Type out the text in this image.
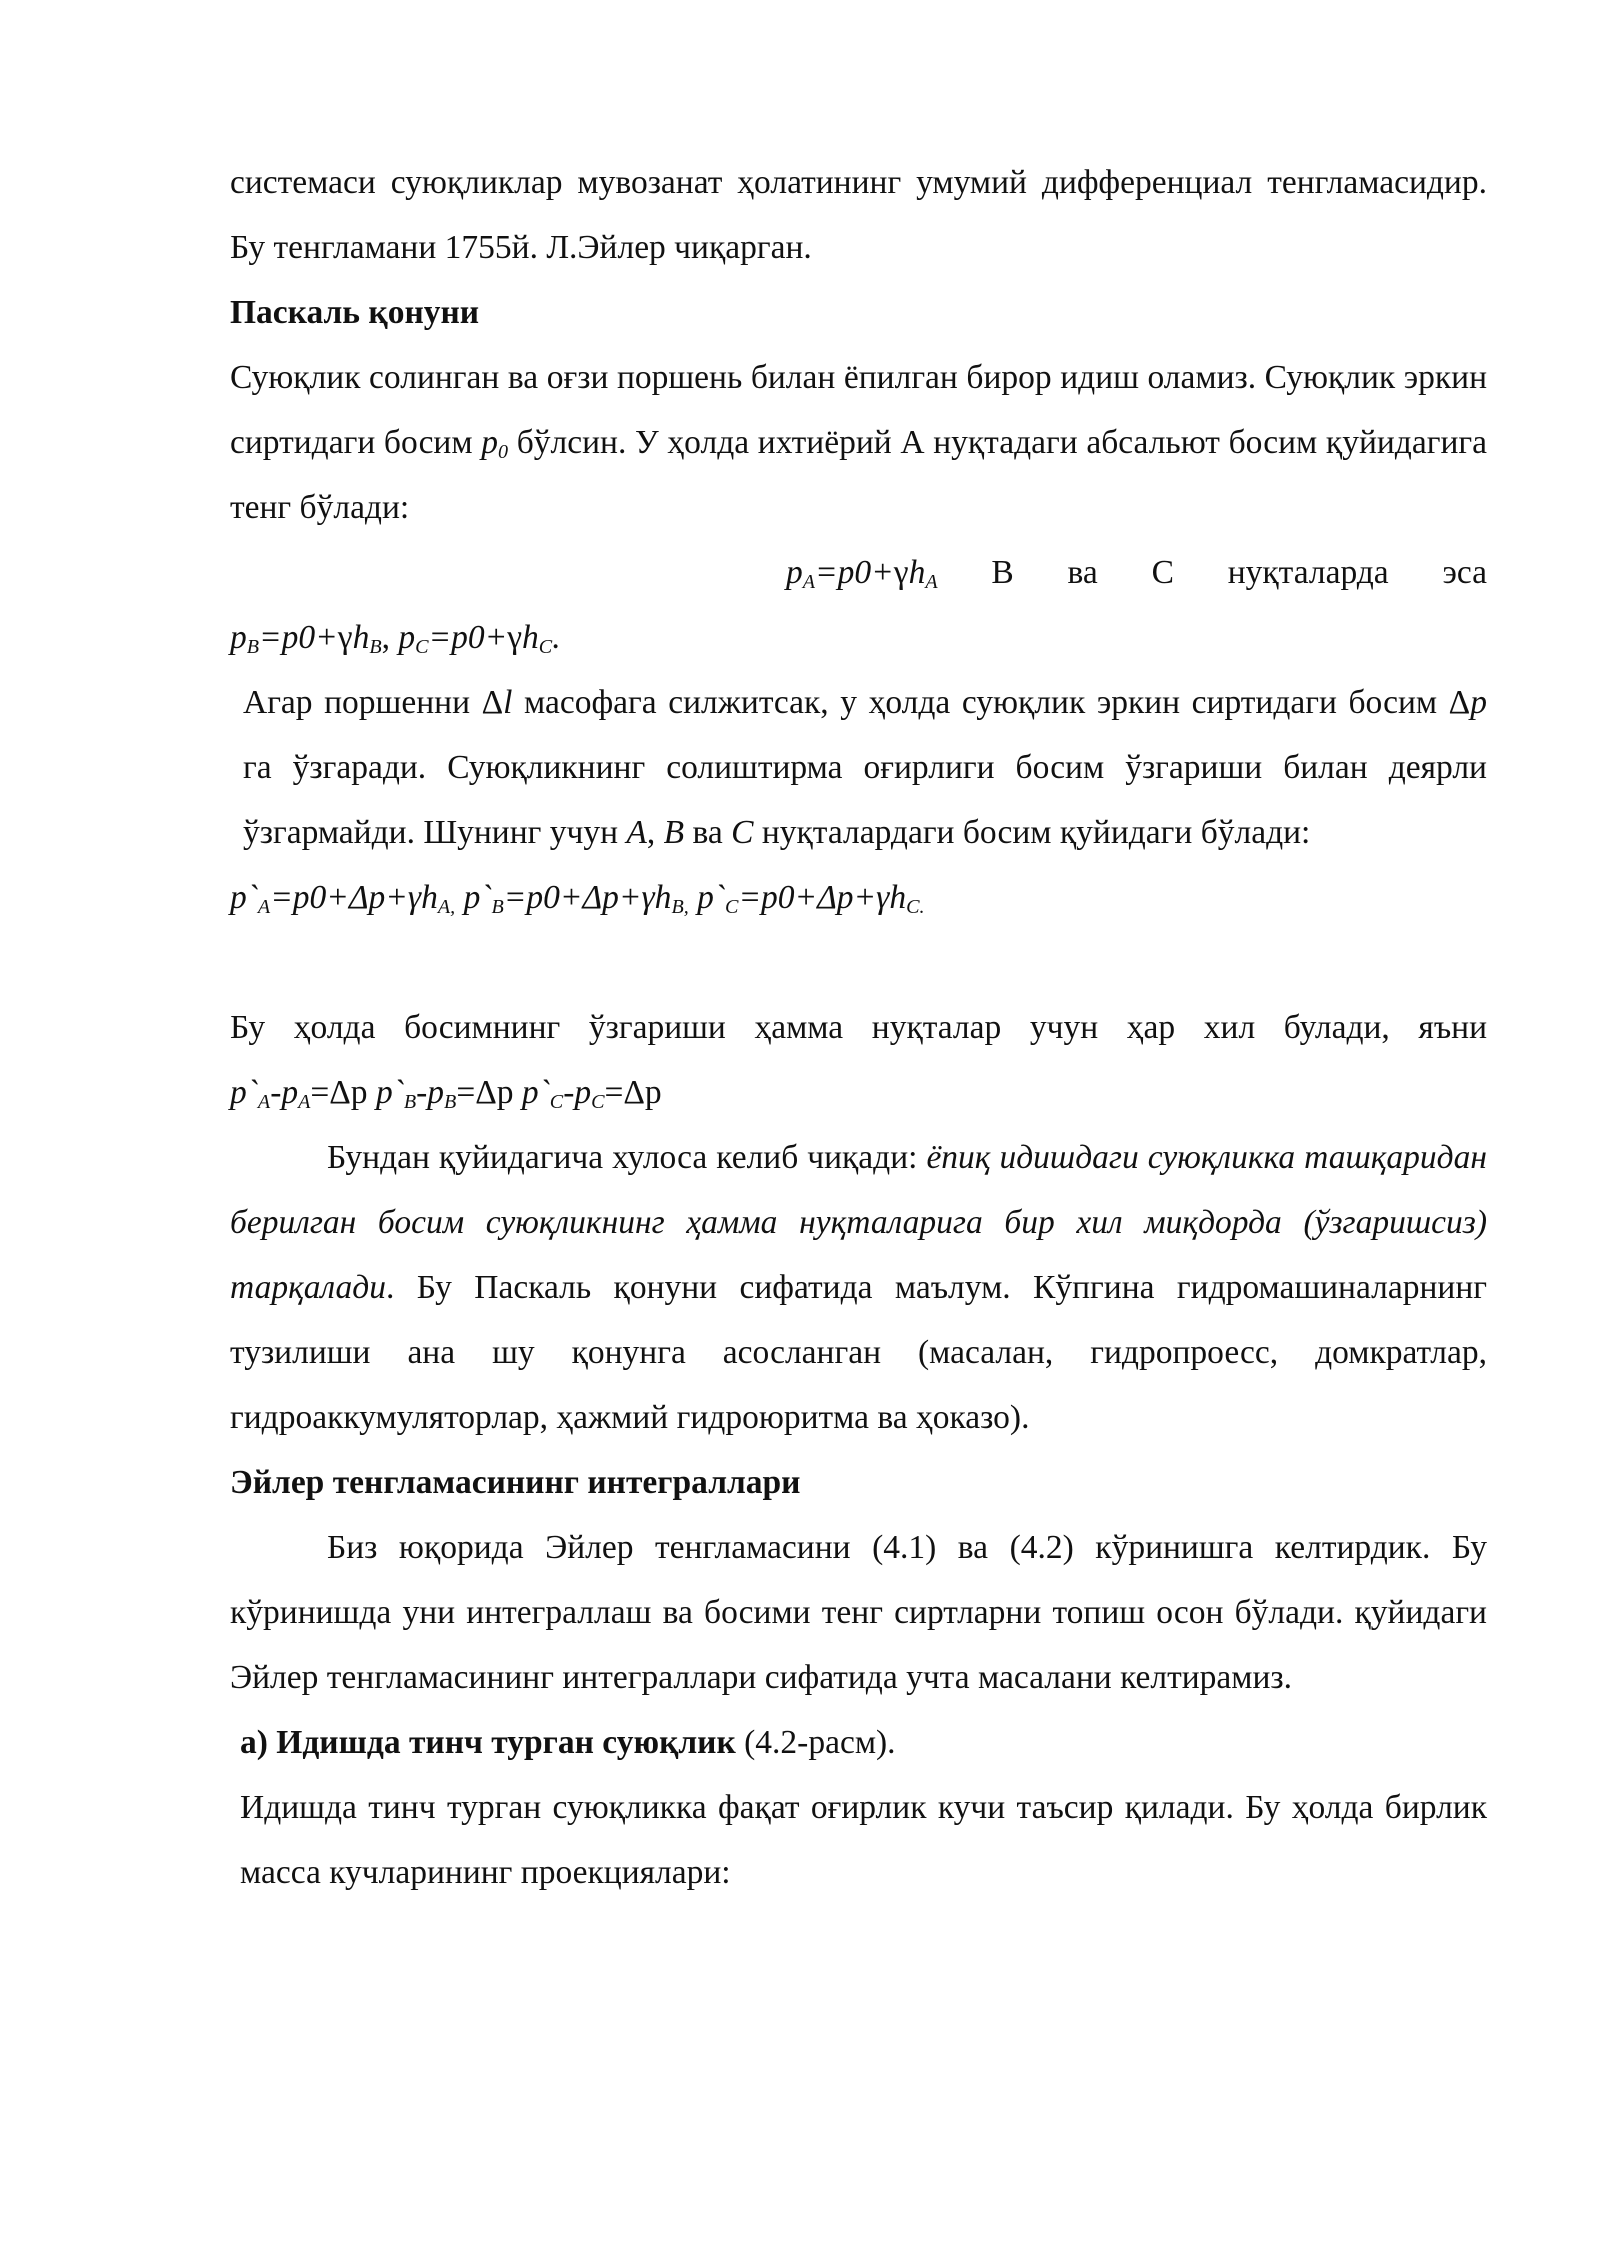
системаси суюқликлар мувозанат ҳолатининг умумий дифференциал тенгламасидир. Бу тенгламани 1755й. Л.Эйлер чиқарган.

Паскаль қонуни

Суюқлик солинган ва оғзи поршень билан ёпилган бирор идиш оламиз. Суюқлик эркин сиртидаги босим $p_0$ бўлсин. У ҳолда ихтиёрий А нуқтадаги абсальют босим қуйидагига тенг бўлади:

$p_A=p0+\gamma h_A$ В ва С нуқталарда эса

$p_B=p0+\gamma h_B$, $p_C=p0+\gamma h_C$.

Агар поршенни Δl масофага силжитсак, у ҳолда суюқлик эркин сиртидаги босим Δp га ўзгаради. Суюқликнинг солиштирма оғирлиги босим ўзгариши билан деярли ўзгармайди. Шунинг учун A, B ва C нуқталардаги босим қуйидаги бўлади:

$p`_A=p0+\Delta p+\gamma h_{A,}$ $p`_B=p0+\Delta p+\gamma h_{B,}$ $p`_C=p0+\Delta p+\gamma h_{C.}$

Бу ҳолда босимнинг ўзгариши ҳамма нуқталар учун ҳар хил булади, яъни

$p`_A-p_A=\Delta p$ $p`_B-p_B=\Delta p$ $p`_C-p_C=\Delta p$

Бундан қуйидагича хулоса келиб чиқади: ёпиқ идишдаги суюқликка ташқаридан берилган босим суюқликнинг ҳамма нуқталарига бир хил миқдорда (ўзгаришсиз) тарқалади. Бу Паскаль қонуни сифатида маълум. Кўпгина гидромашиналарнинг тузилиши ана шу қонунга асосланган (масалан, гидропроесс, домкратлар, гидроаккумуляторлар, ҳажмий гидроюритма ва ҳоказо).

Эйлер тенгламасининг интеграллари

Биз юқорида Эйлер тенгламасини (4.1) ва (4.2) кўринишга келтирдик. Бу кўринишда уни интеграллаш ва босими тенг сиртларни топиш осон бўлади. қуйидаги Эйлер тенгламасининг интеграллари сифатида учта масалани келтирамиз.

а) Идишда тинч турган суюқлик (4.2-расм).

Идишда тинч турган суюқликка фақат оғирлик кучи таъсир қилади. Бу ҳолда бирлик масса кучларининг проекциялари:
